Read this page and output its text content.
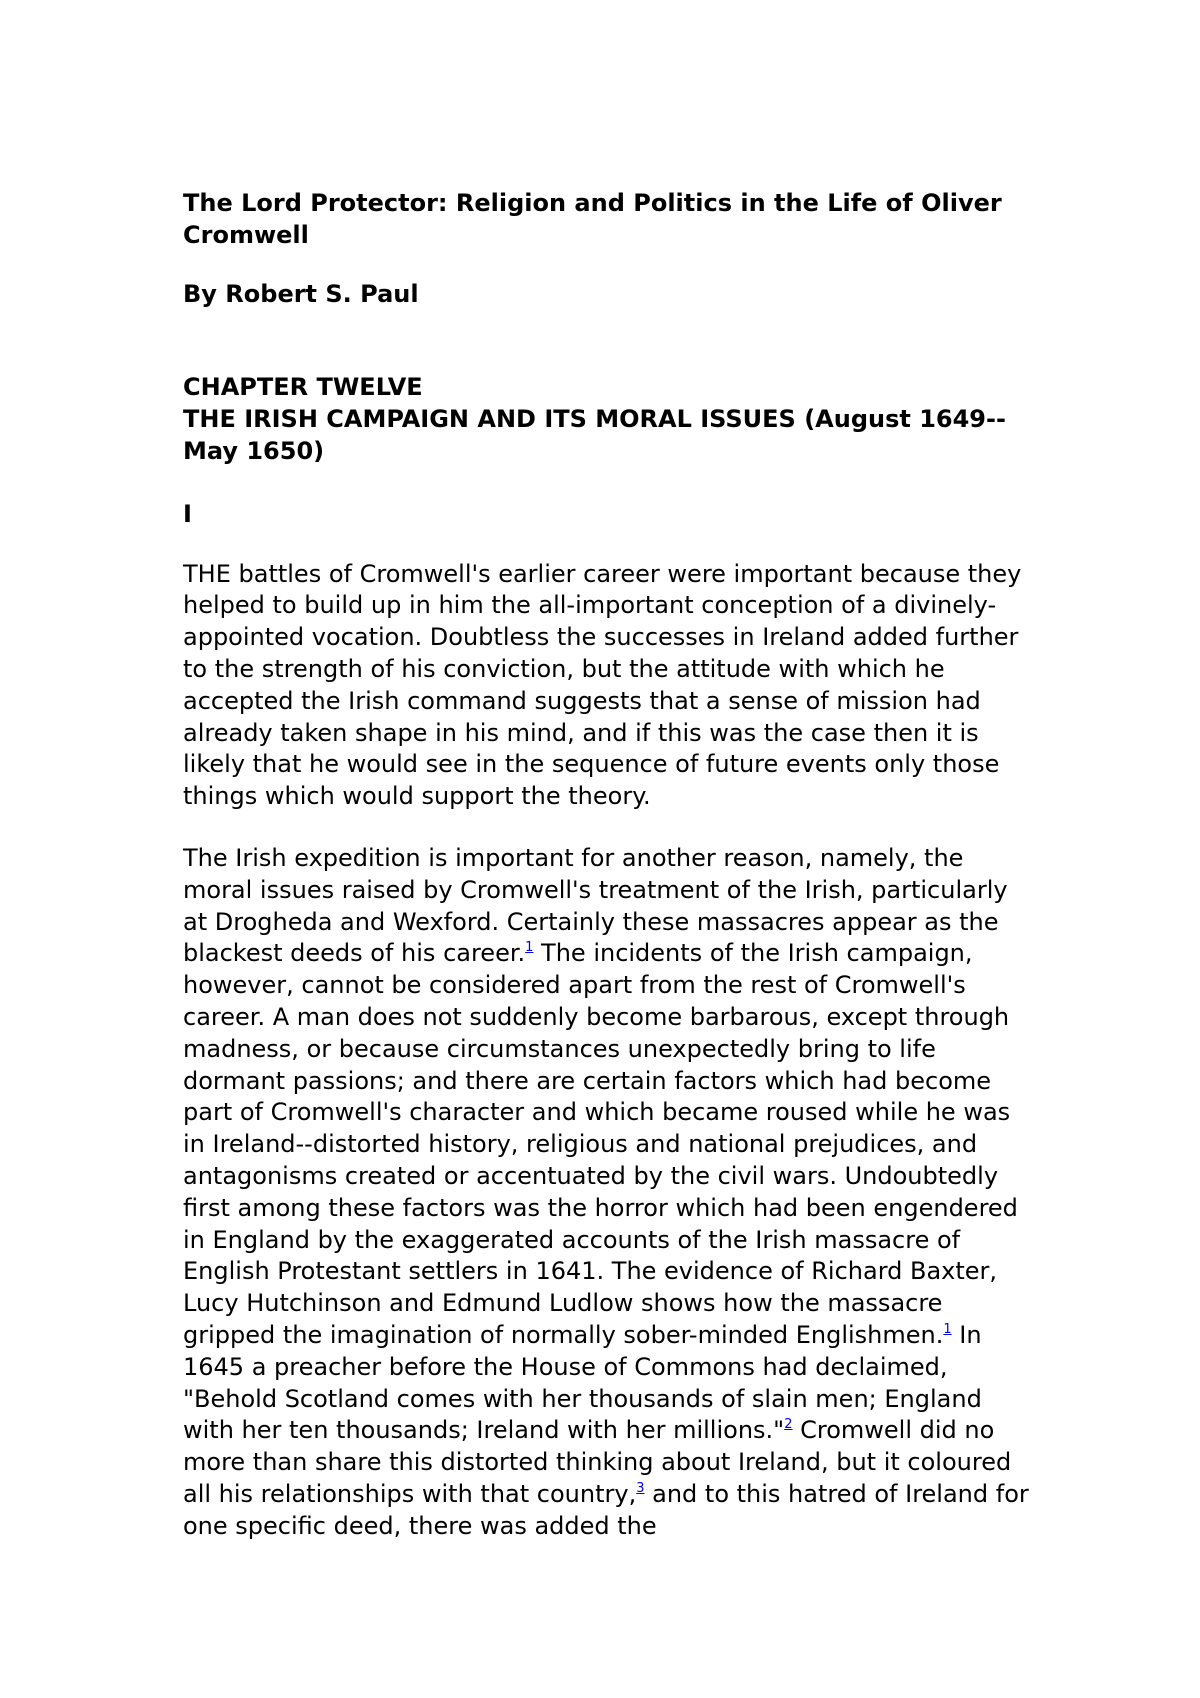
The Lord Protector: Religion and Politics in the Life of Oliver Cromwell

By Robert S. Paul

CHAPTER TWELVE
THE IRISH CAMPAIGN AND ITS MORAL ISSUES (August 1649--May 1650)

I

THE battles of Cromwell's earlier career were important because they helped to build up in him the all-important conception of a divinely-appointed vocation. Doubtless the successes in Ireland added further to the strength of his conviction, but the attitude with which he accepted the Irish command suggests that a sense of mission had already taken shape in his mind, and if this was the case then it is likely that he would see in the sequence of future events only those things which would support the theory.

The Irish expedition is important for another reason, namely, the moral issues raised by Cromwell's treatment of the Irish, particularly at Drogheda and Wexford. Certainly these massacres appear as the blackest deeds of his career.$^1$ The incidents of the Irish campaign, however, cannot be considered apart from the rest of Cromwell's career. A man does not suddenly become barbarous, except through madness, or because circumstances unexpectedly bring to life dormant passions; and there are certain factors which had become part of Cromwell's character and which became roused while he was in Ireland--distorted history, religious and national prejudices, and antagonisms created or accentuated by the civil wars. Undoubtedly first among these factors was the horror which had been engendered in England by the exaggerated accounts of the Irish massacre of English Protestant settlers in 1641. The evidence of Richard Baxter, Lucy Hutchinson and Edmund Ludlow shows how the massacre gripped the imagination of normally sober-minded Englishmen.$^1$ In 1645 a preacher before the House of Commons had declaimed, "Behold Scotland comes with her thousands of slain men; England with her ten thousands; Ireland with her millions."$^2$ Cromwell did no more than share this distorted thinking about Ireland, but it coloured all his relationships with that country,$^3$ and to this hatred of Ireland for one specific deed, there was added the
